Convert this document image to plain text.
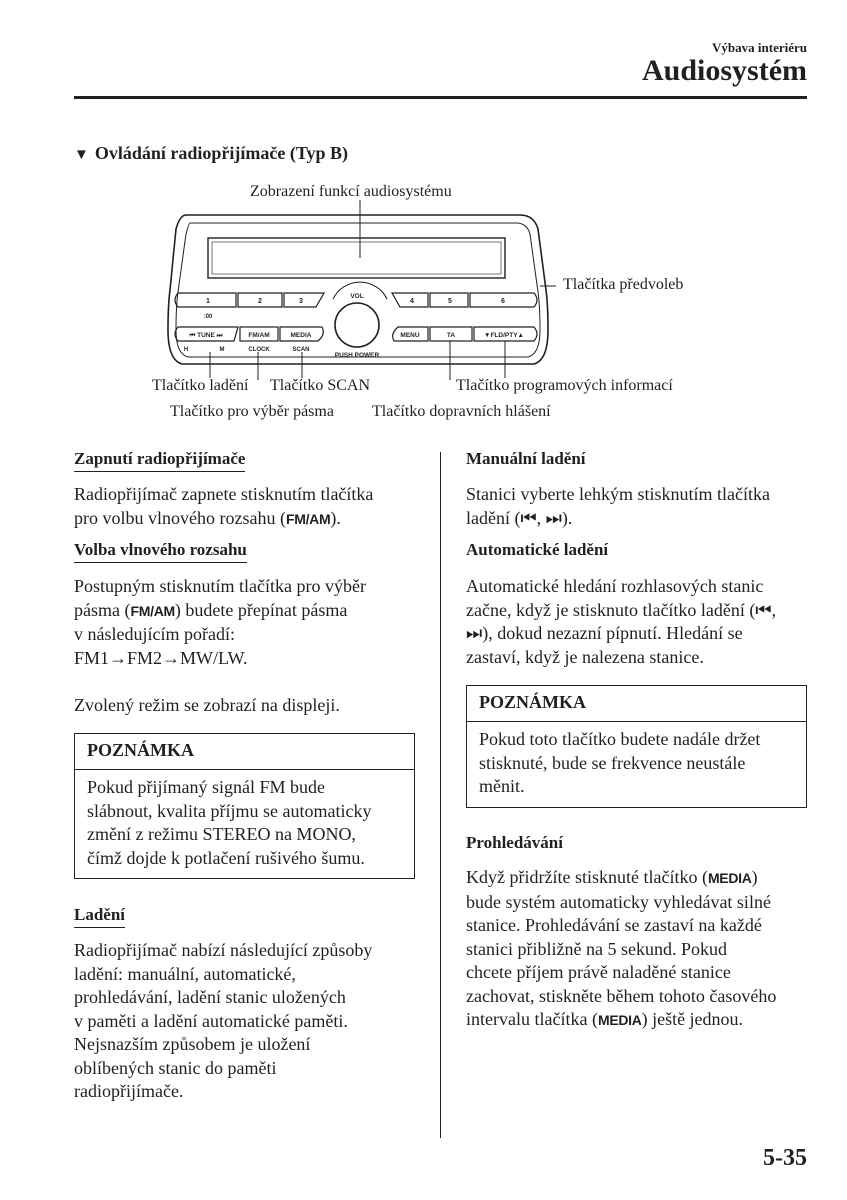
Výbava interiéru
Audiosystém
▼ Ovládání radiopřijímače (Typ B)
Zobrazení funkcí audiosystému
Tlačítka předvoleb
Tlačítko ladění Tlačítko SCAN
Tlačítko pro výběr pásma
Tlačítko programových informací
Tlačítko dopravních hlášení
1	2	3	4	5	6
:00
VOL
PUSH POWER
⏮ TUNE ⏭
H	M
FM/AM
CLOCK
MEDIA
SCAN
MENU	TA	▼FLD/PTY▲
Zapnutí radiopřijímače
Radiopřijímač zapnete stisknutím tlačítka
pro volbu vlnového rozsahu (FM/AM).
Volba vlnového rozsahu
Postupným stisknutím tlačítka pro výběr
pásma (FM/AM) budete přepínat pásma
v následujícím pořadí:
FM1→FM2→MW/LW.
Zvolený režim se zobrazí na displeji.
POZNÁMKA
Pokud přijímaný signál FM bude
slábnout, kvalita příjmu se automaticky
změní z režimu STEREO na MONO,
čímž dojde k potlačení rušivého šumu.
Ladění
Radiopřijímač nabízí následující způsoby
ladění: manuální, automatické,
prohledávání, ladění stanic uložených
v paměti a ladění automatické paměti.
Nejsnazším způsobem je uložení
oblíbených stanic do paměti
radiopřijímače.
Manuální ladění
Stanici vyberte lehkým stisknutím tlačítka
ladění (⏮, ⏭).
Automatické ladění
Automatické hledání rozhlasových stanic
začne, když je stisknuto tlačítko ladění (⏮,
⏭), dokud nezazní pípnutí. Hledání se
zastaví, když je nalezena stanice.
POZNÁMKA
Pokud toto tlačítko budete nadále držet
stisknuté, bude se frekvence neustále
měnit.
Prohledávání
Když přidržíte stisknuté tlačítko (MEDIA)
bude systém automaticky vyhledávat silné
stanice. Prohledávání se zastaví na každé
stanici přibližně na 5 sekund. Pokud
chcete příjem právě naladěné stanice
zachovat, stiskněte během tohoto časového
intervalu tlačítka (MEDIA) ještě jednou.
5-35
